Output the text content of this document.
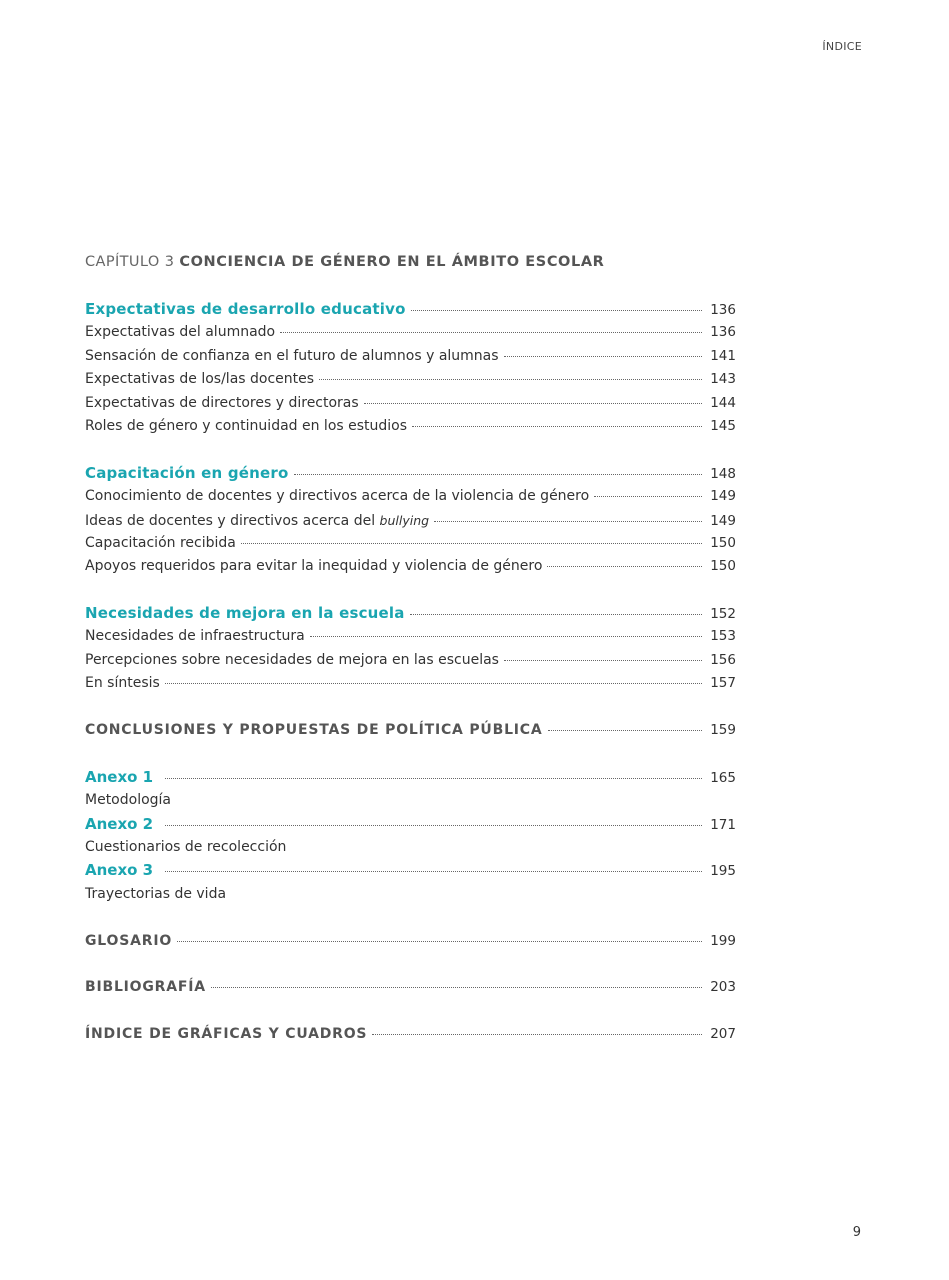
ÍNDICE
CAPÍTULO 3 CONCIENCIA DE GÉNERO EN EL ÁMBITO ESCOLAR
Expectativas de desarrollo educativo	136
Expectativas del alumnado	136
Sensación de confianza en el futuro de alumnos y alumnas	141
Expectativas de los/las docentes	143
Expectativas de directores y directoras	144
Roles de género y continuidad en los estudios	145
Capacitación en género	148
Conocimiento de docentes y directivos acerca de la violencia de género	149
Ideas de docentes y directivos acerca del bullying	149
Capacitación recibida	150
Apoyos requeridos para evitar la inequidad y violencia de género	150
Necesidades de mejora en la escuela	152
Necesidades de infraestructura	153
Percepciones sobre necesidades de mejora en las escuelas	156
En síntesis	157
CONCLUSIONES Y PROPUESTAS DE POLÍTICA PÚBLICA	159
Anexo 1	165
Metodología
Anexo 2	171
Cuestionarios de recolección
Anexo 3	195
Trayectorias de vida
GLOSARIO	199
BIBLIOGRAFÍA	203
ÍNDICE DE GRÁFICAS Y CUADROS	207
9
